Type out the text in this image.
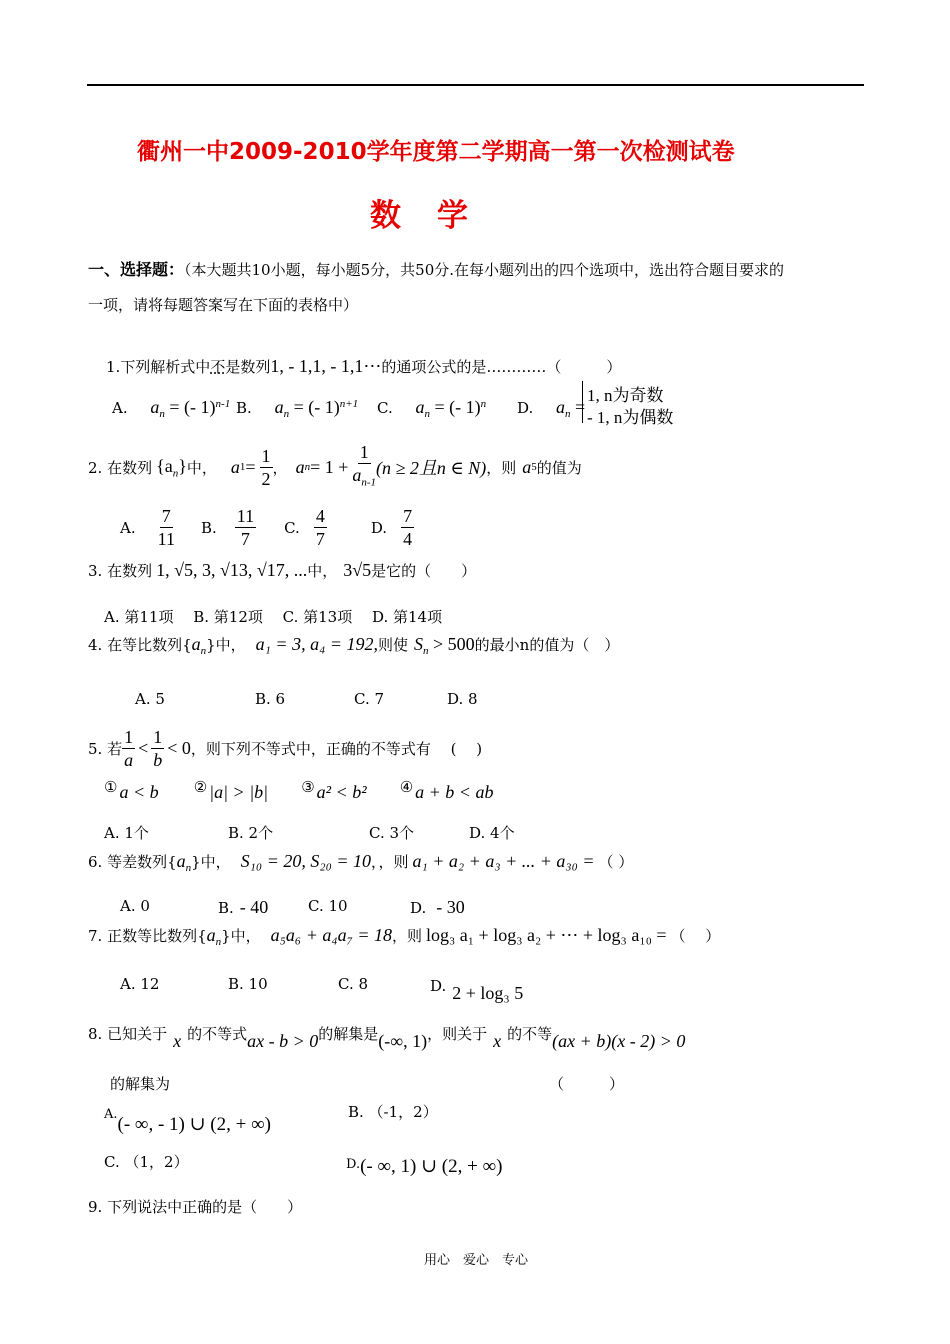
衢州一中2009-2010学年度第二学期高一第一次检测试卷
数学
一、选择题：（本大题共10小题，每小题5分，共50分.在每小题列出的四个选项中，选出符合题目要求的
一项，请将每题答案写在下面的表格中）
1.下列解析式中不是数列1, - 1,1, - 1,1⋯的通项公式的是…………（　　　）
A. $a_n$ = (- 1)$^{n-1}$ B. $a_n$ = (- 1)$^{n+1}$ C. $a_n$ = (- 1)$^n$ D. $a_n$ =
1, n为奇数
- 1, n为偶数
2. 在数列 $\{a_n\}$ 中， a $1 = \frac{1}{2}$ ， a $n = 1 + \frac{1}{a_{n-1}} (n \ge 2$且n ∈ N) ，则 a 5 的值为
A. $\frac{7}{11} B$. $\frac{11}{7} C$. $\frac{4}{7}$	D. $\frac{7}{4}$
3. 在数列 1, √5, 3, √13, √17, ...中， 3√5是它的（　　）
A. 第11项　 B. 第12项　 C. 第13项　 D. 第14项
4. 在等比数列$\{a_n\}$中， a₁ = 3, a₄ = 192,则使 $S_n > 500$的最小n的值为（　）
A. 5	B. 6	C. 7	D. 8
5. 若 $\frac{1}{a} < \frac{1}{b} < 0$ ，则下列不等式中，正确的不等式有　 (　 )
① a < b ② |a| > |b| ③ a² < b² ④ a + b < ab
A. 1个	B. 2个	C. 3个	D. 4个
6. 等差数列$\{a_n\}$中， S₁₀ = 20, S₂₀ = 10，，则 a₁ + a₂ + a₃ + ... + a₃₀ = （ ）
A. 0	B. - 40	C. 10	D. - 30
7. 正数等比数列$\{a_n\}$中， a₅a₆ + a₄a₇ = 18，则 log₃ a₁ + log₃ a₂ + ⋯ + log₃ a₁₀ = （　 ）
A. 12	B. 10	C. 8	D. 2 + log₃ 5
8. 已知关于 x 的不等式ax - b > 0的解集是(-∞, 1)，则关于 x 的不等(ax + b)(x - 2) > 0
的解集为	（　　　）
A.(- ∞, - 1) ∪ (2, + ∞)
B. （-1，2）
C. （1，2）	D.(- ∞, 1) ∪ (2, + ∞)
9. 下列说法中正确的是（　　）
用心　爱心　专心
